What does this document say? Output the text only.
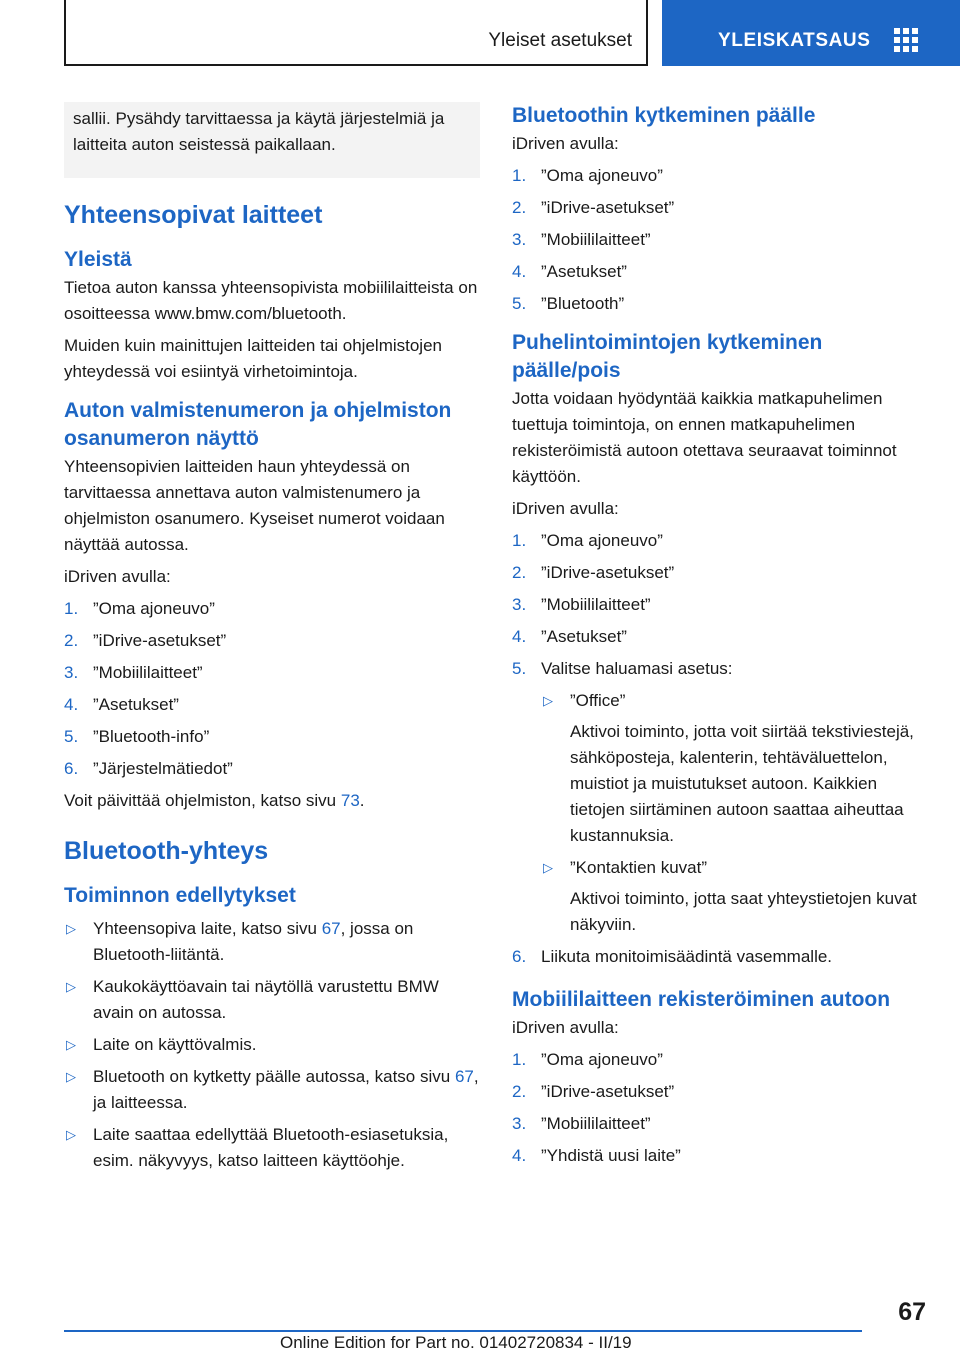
Yleiset asetukset	YLEISKATSAUS
sallii. Pysähdy tarvittaessa ja käytä järjestelmiä ja laitteita auton seistessä paikallaan.
Yhteensopivat laitteet
Yleistä

Tietoa auton kanssa yhteensopivista mobiililaitteista on osoitteessa www.bmw.com/bluetooth.

Muiden kuin mainittujen laitteiden tai ohjelmistojen yhteydessä voi esiintyä virhetoimintoja.

Auton valmistenumeron ja ohjelmiston osanumeron näyttö

Yhteensopivien laitteiden haun yhteydessä on tarvittaessa annettava auton valmistenumero ja ohjelmiston osanumero. Kyseiset numerot voidaan näyttää autossa.

iDriven avulla:

1. ”Oma ajoneuvo”
2. ”iDrive-asetukset”
3. ”Mobiililaitteet”
4. ”Asetukset”
5. ”Bluetooth-info”
6. ”Järjestelmätiedot”

Voit päivittää ohjelmiston, katso sivu 73.

Bluetooth-yhteys
Toiminnon edellytykset
▷ Yhteensopiva laite, katso sivu 67, jossa on Bluetooth-liitäntä.
▷ Kaukokäyttöavain tai näytöllä varustettu BMW avain on autossa.
▷ Laite on käyttövalmis.
▷ Bluetooth on kytketty päälle autossa, katso sivu 67, ja laitteessa.
▷ Laite saattaa edellyttää Bluetooth-esiasetuksia, esim. näkyvyys, katso laitteen käyttöohje.
Bluetoothin kytkeminen päälle

iDriven avulla:

1. ”Oma ajoneuvo”
2. ”iDrive-asetukset”
3. ”Mobiililaitteet”
4. ”Asetukset”
5. ”Bluetooth”
Puhelintoimintojen kytkeminen päälle/pois

Jotta voidaan hyödyntää kaikkia matkapuhelimen tuettuja toimintoja, on ennen matkapuhelimen rekisteröimistä autoon otettava seuraavat toiminnot käyttöön.

iDriven avulla:

1. ”Oma ajoneuvo”
2. ”iDrive-asetukset”
3. ”Mobiililaitteet”
4. ”Asetukset”
5. Valitse haluamasi asetus:
▷ ”Office”
Aktivoi toiminto, jotta voit siirtää tekstiviestejä, sähköposteja, kalenterin, tehtäväluettelon, muistiot ja muistutukset autoon. Kaikkien tietojen siirtäminen autoon saattaa aiheuttaa kustannuksia.
▷ ”Kontaktien kuvat”
Aktivoi toiminto, jotta saat yhteystietojen kuvat näkyviin.
6. Liikuta monitoimisäädintä vasemmalle.
Mobiililaitteen rekisteröiminen autoon

iDriven avulla:

1. ”Oma ajoneuvo”
2. ”iDrive-asetukset”
3. ”Mobiililaitteet”
4. ”Yhdistä uusi laite”
67
Online Edition for Part no. 01402720834 - II/19
